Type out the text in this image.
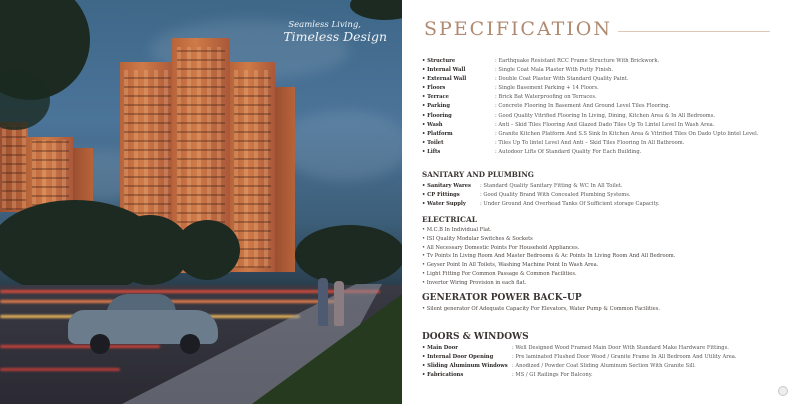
Seamless Living,
Timeless Design SPECIFICATION
• Structure	: Earthquake Resistant RCC Frame Structure With Brickwork.
• Internal Wall	: Single Coat Mala Plaster With Putty Finish.
• External Wall	: Double Coat Plaster With Standard Quality Paint.
• Floors	: Single Basement Parking + 14 Floors.
• Terrace	: Brick Bat Waterproofing on Terraces.
• Parking	: Concrete Flooring In Basement And Ground Level Tiles Flooring.
• Flooring	: Good Quality Vitrified Flooring In Living, Dining, Kitchen Area & In All Bedrooms.
• Wash	: Anti – Skid Tiles Flooring And Glazed Dado Tiles Up To Lintel Level In Wash Area.
• Platform	: Granite Kitchen Platform And S.S Sink In Kitchen Area & Vitrified Tiles On Dado Upto lintel Level.
• Toilet	: Tiles Up To lintel Level And Anti – Skid Tiles Flooring In All Bathroom.
• Lifts	: Autodoor Lifts Of Standard Quality For Each Building.
SANITARY AND PLUMBING
• Sanitary Wares	: Standard Quality Sanitary Fitting & WC In All Toilet.
• CP Fittings	: Good Quality Brand With Concealed Plumbing Systems.
• Water Supply	: Under Ground And Overhead Tanks Of Sufficient storage Capacity.
ELECTRICAL
• M.C.B In Individual Flat.
• ISI Quality Modular Switches & Sockets
• All Necessary Domestic Points For Household Appliances.
• Tv Points In Living Room And Master Bedrooms & Ac Points In Living Room And All Bedroom.
• Geyser Point In All Toilets, Washing Machine Point In Wash Area.
• Light Fitting For Common Passage & Common Facilities.
• Invertor Wiring Provision in each flat.
GENERATOR POWER BACK–UP
• Silent generator Of Adequate Capacity For Elevators, Water Pump & Common Facilities.
DOORS & WINDOWS
• Main Door	: Well Designed Wood Framed Main Door With Standard Make Hardware Fittings.
• Internal Door Opening	: Pre laminated Flushed Door Wood / Granite Frame In All Bedroom And Utility Area.
• Sliding Aluminum Windows : Anodized / Powder Coat Sliding Aluminum Section With Granite Sill.
• Fabrications	: MS / GI Railings For Balcony.
